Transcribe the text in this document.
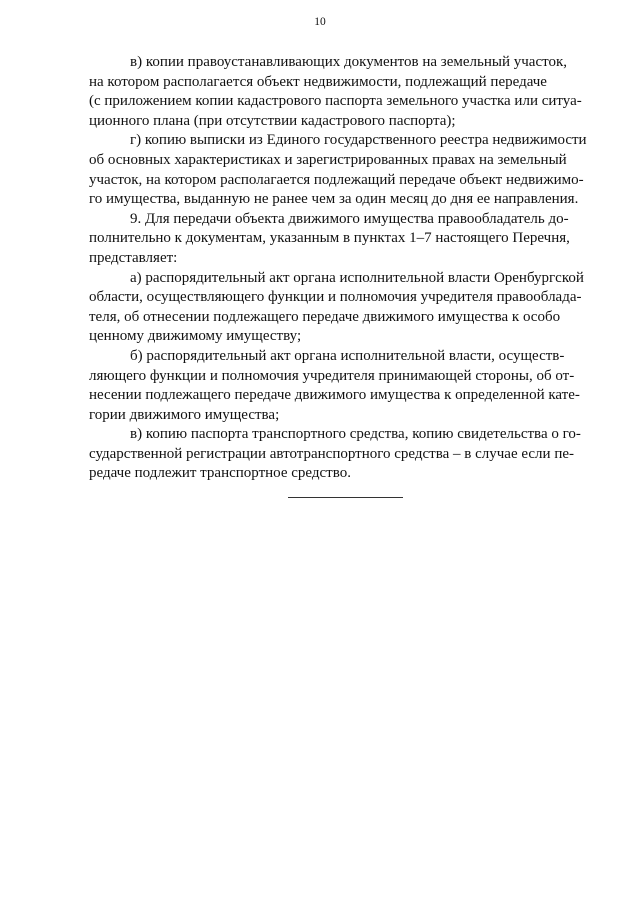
10

в) копии правоустанавливающих документов на земельный участок,
на котором располагается объект недвижимости, подлежащий передаче
(с приложением копии кадастрового паспорта земельного участка или ситуа-
ционного плана (при отсутствии кадастрового паспорта);

г) копию выписки из Единого государственного реестра недвижимости
об основных характеристиках и зарегистрированных правах на земельный
участок, на котором располагается подлежащий передаче объект недвижимо-
го имущества, выданную не ранее чем за один месяц до дня ее направления.

9. Для передачи объекта движимого имущества правообладатель до-
полнительно к документам, указанным в пунктах 1–7 настоящего Перечня,
представляет:

а) распорядительный акт органа исполнительной власти Оренбургской
области, осуществляющего функции и полномочия учредителя правооблада-
теля, об отнесении подлежащего передаче движимого имущества к особо
ценному движимому имуществу;

б) распорядительный акт органа исполнительной власти, осуществ-
ляющего функции и полномочия учредителя принимающей стороны, об от-
несении подлежащего передаче движимого имущества к определенной кате-
гории движимого имущества;

в) копию паспорта транспортного средства, копию свидетельства о го-
сударственной регистрации автотранспортного средства – в случае если пе-
редаче подлежит транспортное средство.
